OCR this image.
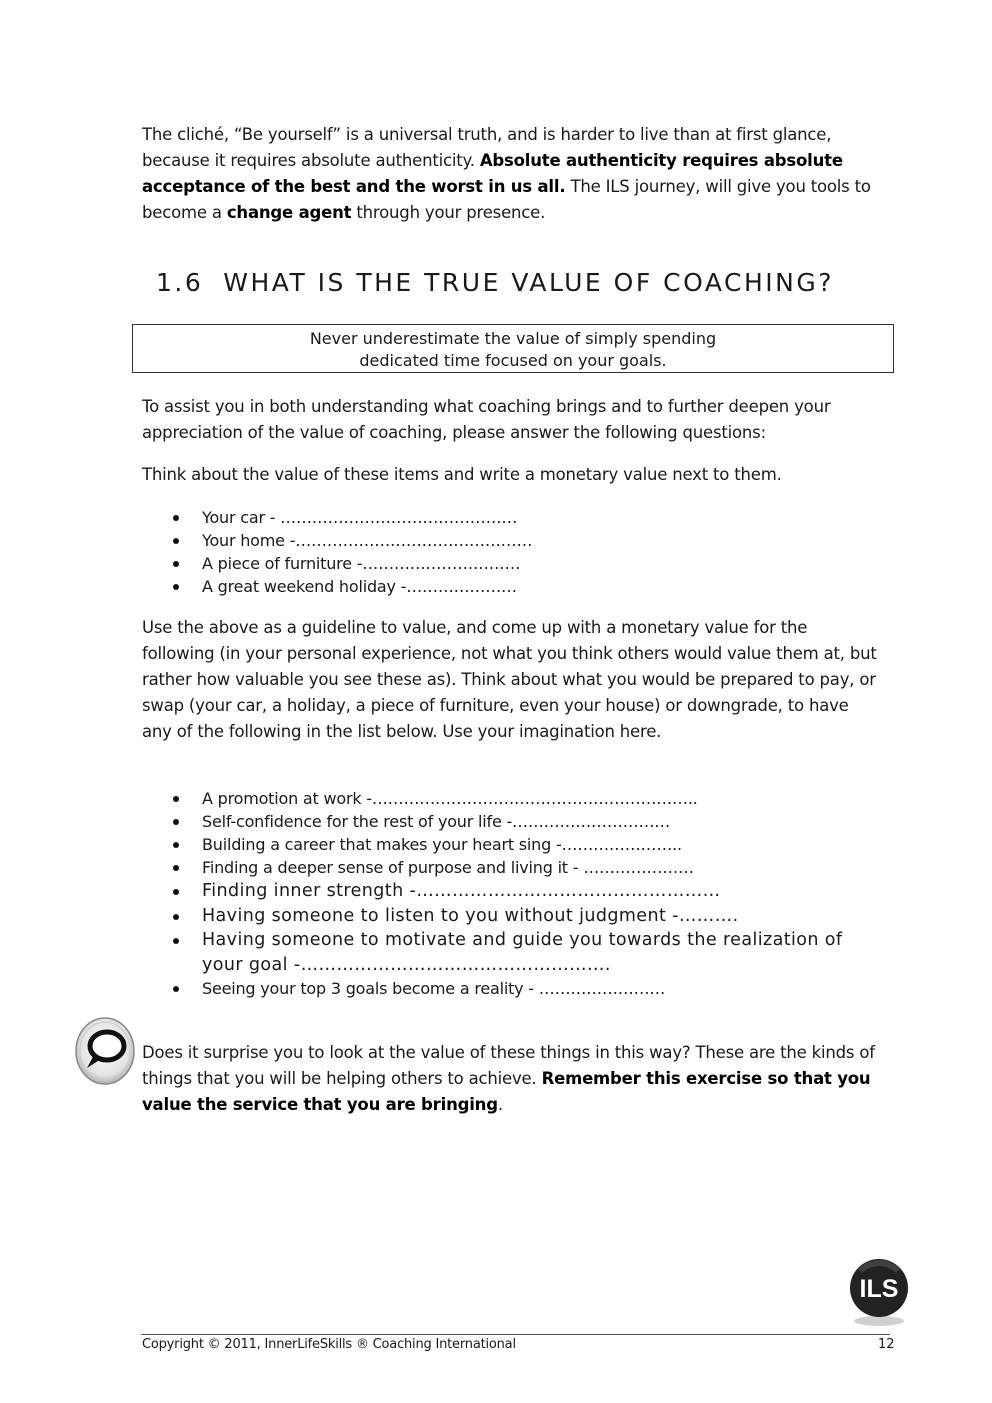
The cliché, “Be yourself” is a universal truth, and is harder to live than at first glance, because it requires absolute authenticity. Absolute authenticity requires absolute acceptance of the best and the worst in us all. The ILS journey, will give you tools to become a change agent through your presence.

1.6 WHAT IS THE TRUE VALUE OF COACHING?
Never underestimate the value of simply spending
dedicated time focused on your goals.

To assist you in both understanding what coaching brings and to further deepen your appreciation of the value of coaching, please answer the following questions:

Think about the value of these items and write a monetary value next to them.

Your car - ………………………………………
Your home -………………………………………
A piece of furniture -…………………………
A great weekend holiday -…………………

Use the above as a guideline to value, and come up with a monetary value for the following (in your personal experience, not what you think others would value them at, but rather how valuable you see these as). Think about what you would be prepared to pay, or swap (your car, a holiday, a piece of furniture, even your house) or downgrade, to have any of the following in the list below. Use your imagination here.

A promotion at work -……………………………………………………..
Self-confidence for the rest of your life -…………………………
Building a career that makes your heart sing -…………………..
Finding a deeper sense of purpose and living it - …………………
Finding inner strength -……………………………………………
Having someone to listen to you without judgment -……….
Having someone to motivate and guide you towards the realization of your goal -…………………………………………….
Seeing your top 3 goals become a reality - ……………………

Does it surprise you to look at the value of these things in this way? These are the kinds of things that you will be helping others to achieve. Remember this exercise so that you value the service that you are bringing.

ILS
Copyright © 2011, InnerLifeSkills ® Coaching International	12
